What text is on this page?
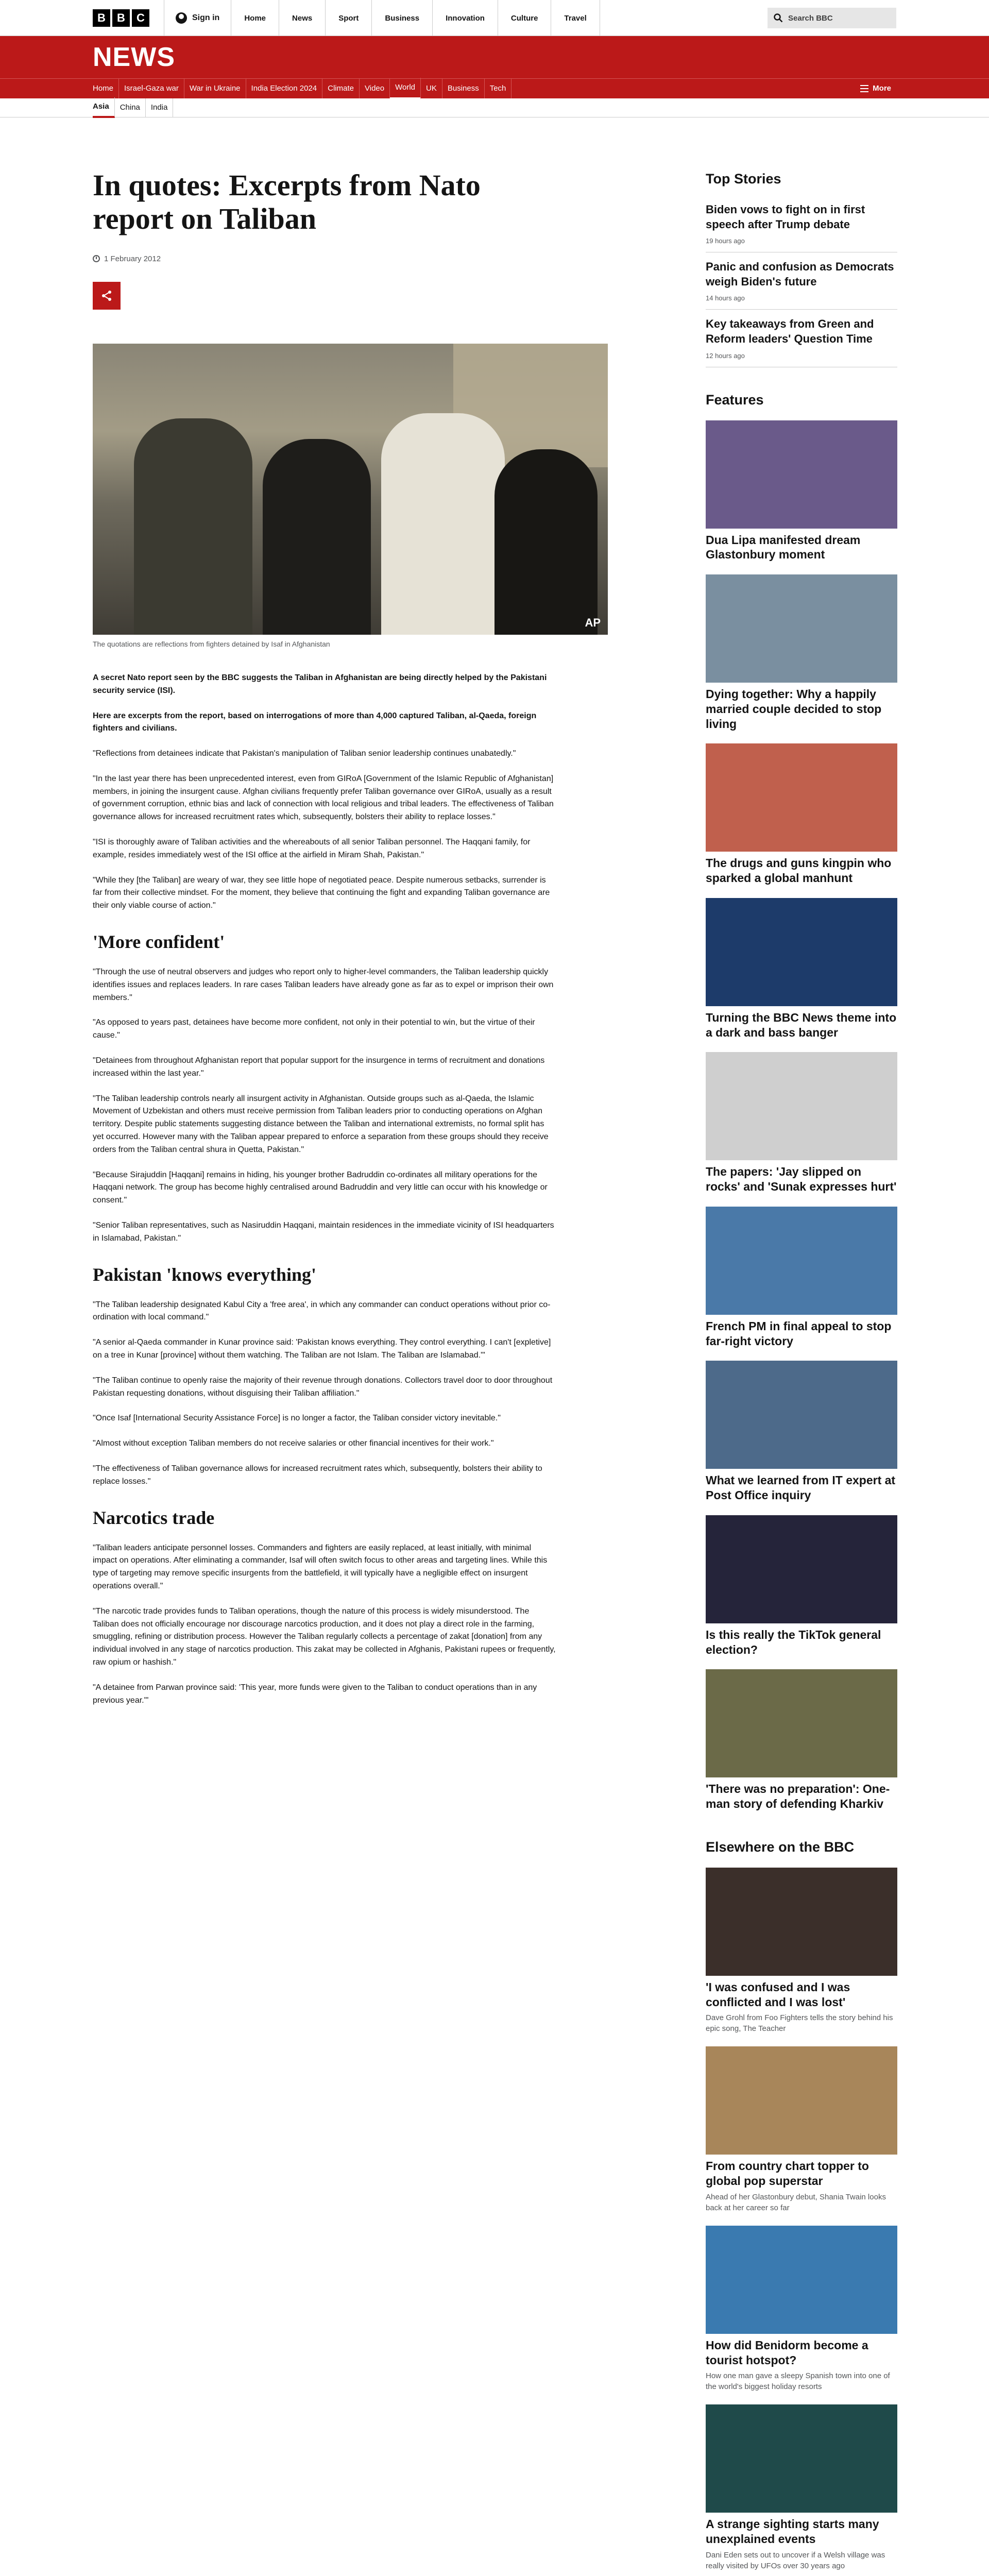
B	B	C	Sign in	Home	News	Sport	Business	Innovation	Culture	Travel	Search BBC
NEWS
Home	Israel-Gaza war	War in Ukraine	India Election 2024	Climate	Video	World	UK	Business	Tech	More
Asia	China	India
In quotes: Excerpts from Nato report on Taliban
1 February 2012
AP
The quotations are reflections from fighters detained by Isaf in Afghanistan

A secret Nato report seen by the BBC suggests the Taliban in Afghanistan are being directly helped by the Pakistani security service (ISI).

Here are excerpts from the report, based on interrogations of more than 4,000 captured Taliban, al-Qaeda, foreign fighters and civilians.

"Reflections from detainees indicate that Pakistan's manipulation of Taliban senior leadership continues unabatedly."

"In the last year there has been unprecedented interest, even from GIRoA [Government of the Islamic Republic of Afghanistan] members, in joining the insurgent cause. Afghan civilians frequently prefer Taliban governance over GIRoA, usually as a result of government corruption, ethnic bias and lack of connection with local religious and tribal leaders. The effectiveness of Taliban governance allows for increased recruitment rates which, subsequently, bolsters their ability to replace losses."

"ISI is thoroughly aware of Taliban activities and the whereabouts of all senior Taliban personnel. The Haqqani family, for example, resides immediately west of the ISI office at the airfield in Miram Shah, Pakistan."

"While they [the Taliban] are weary of war, they see little hope of negotiated peace. Despite numerous setbacks, surrender is far from their collective mindset. For the moment, they believe that continuing the fight and expanding Taliban governance are their only viable course of action."

'More confident'

"Through the use of neutral observers and judges who report only to higher-level commanders, the Taliban leadership quickly identifies issues and replaces leaders. In rare cases Taliban leaders have already gone as far as to expel or imprison their own members."

"As opposed to years past, detainees have become more confident, not only in their potential to win, but the virtue of their cause."

"Detainees from throughout Afghanistan report that popular support for the insurgence in terms of recruitment and donations increased within the last year."

"The Taliban leadership controls nearly all insurgent activity in Afghanistan. Outside groups such as al-Qaeda, the Islamic Movement of Uzbekistan and others must receive permission from Taliban leaders prior to conducting operations on Afghan territory. Despite public statements suggesting distance between the Taliban and international extremists, no formal split has yet occurred. However many with the Taliban appear prepared to enforce a separation from these groups should they receive orders from the Taliban central shura in Quetta, Pakistan."

"Because Sirajuddin [Haqqani] remains in hiding, his younger brother Badruddin co-ordinates all military operations for the Haqqani network. The group has become highly centralised around Badruddin and very little can occur with his knowledge or consent."

"Senior Taliban representatives, such as Nasiruddin Haqqani, maintain residences in the immediate vicinity of ISI headquarters in Islamabad, Pakistan."

Pakistan 'knows everything'

"The Taliban leadership designated Kabul City a 'free area', in which any commander can conduct operations without prior co-ordination with local command."

"A senior al-Qaeda commander in Kunar province said: 'Pakistan knows everything. They control everything. I can't [expletive] on a tree in Kunar [province] without them watching. The Taliban are not Islam. The Taliban are Islamabad.'"

"The Taliban continue to openly raise the majority of their revenue through donations. Collectors travel door to door throughout Pakistan requesting donations, without disguising their Taliban affiliation."

"Once Isaf [International Security Assistance Force] is no longer a factor, the Taliban consider victory inevitable."

"Almost without exception Taliban members do not receive salaries or other financial incentives for their work."

"The effectiveness of Taliban governance allows for increased recruitment rates which, subsequently, bolsters their ability to replace losses."

Narcotics trade

"Taliban leaders anticipate personnel losses. Commanders and fighters are easily replaced, at least initially, with minimal impact on operations. After eliminating a commander, Isaf will often switch focus to other areas and targeting lines. While this type of targeting may remove specific insurgents from the battlefield, it will typically have a negligible effect on insurgent operations overall."

"The narcotic trade provides funds to Taliban operations, though the nature of this process is widely misunderstood. The Taliban does not officially encourage nor discourage narcotics production, and it does not play a direct role in the farming, smuggling, refining or distribution process. However the Taliban regularly collects a percentage of zakat [donation] from any individual involved in any stage of narcotics production. This zakat may be collected in Afghanis, Pakistani rupees or frequently, raw opium or hashish."

"A detainee from Parwan province said: 'This year, more funds were given to the Taliban to conduct operations than in any previous year.'"

Top Stories
Biden vows to fight on in first speech after Trump debate
19 hours ago
Panic and confusion as Democrats weigh Biden's future
14 hours ago
Key takeaways from Green and Reform leaders' Question Time
12 hours ago
Features
Dua Lipa manifested dream Glastonbury moment
Dying together: Why a happily married couple decided to stop living
The drugs and guns kingpin who sparked a global manhunt
Turning the BBC News theme into a dark and bass banger
The papers: 'Jay slipped on rocks' and 'Sunak expresses hurt'
French PM in final appeal to stop far-right victory
What we learned from IT expert at Post Office inquiry
Is this really the TikTok general election?
'There was no preparation': One-man story of defending Kharkiv
Elsewhere on the BBC
'I was confused and I was conflicted and I was lost'
Dave Grohl from Foo Fighters tells the story behind his epic song, The Teacher
From country chart topper to global pop superstar
Ahead of her Glastonbury debut, Shania Twain looks back at her career so far
How did Benidorm become a tourist hotspot?
How one man gave a sleepy Spanish town into one of the world's biggest holiday resorts
A strange sighting starts many unexplained events
Dani Eden sets out to uncover if a Welsh village was really visited by UFOs over 30 years ago
